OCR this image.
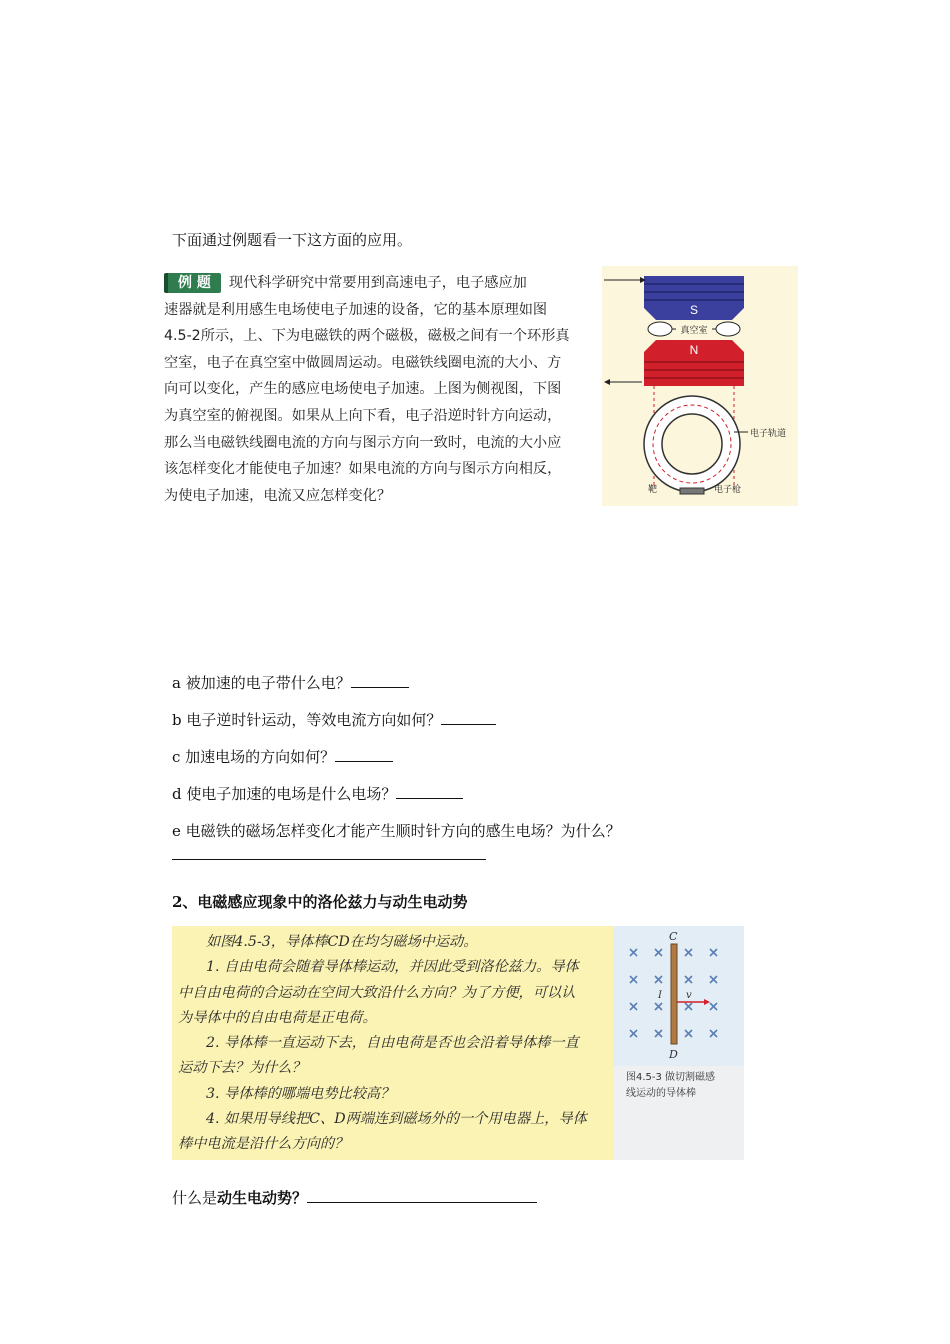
下面通过例题看一下这方面的应用。
例 题 现代科学研究中常要用到高速电子，电子感应加
速器就是利用感生电场使电子加速的设备，它的基本原理如图
4.5-2所示，上、下为电磁铁的两个磁极，磁极之间有一个环形真
空室，电子在真空室中做圆周运动。电磁铁线圈电流的大小、方
向可以变化，产生的感应电场使电子加速。上图为侧视图，下图
为真空室的俯视图。如果从上向下看，电子沿逆时针方向运动，
那么当电磁铁线圈电流的方向与图示方向一致时，电流的大小应
该怎样变化才能使电子加速？如果电流的方向与图示方向相反，
为使电子加速，电流又应怎样变化？
S
真空室
N
电子轨道
电子枪
靶
a 被加速的电子带什么电？
b 电子逆时针运动，等效电流方向如何？
c 加速电场的方向如何？
d 使电子加速的电场是什么电场？
e 电磁铁的磁场怎样变化才能产生顺时针方向的感生电场？为什么？
2、电磁感应现象中的洛伦兹力与动生电动势
如图4.5-3，导体棒CD在均匀磁场中运动。
1. 自由电荷会随着导体棒运动，并因此受到洛伦兹力。导体
中自由电荷的合运动在空间大致沿什么方向？为了方便，可以认
为导体中的自由电荷是正电荷。
2. 导体棒一直运动下去，自由电荷是否也会沿着导体棒一直
运动下去？为什么？
3. 导体棒的哪端电势比较高？
4. 如果用导线把C、D两端连到磁场外的一个用电器上，导体
棒中电流是沿什么方向的？
C
D
I v
图4.5-3 做切割磁感
线运动的导体棒
什么是动生电动势？
